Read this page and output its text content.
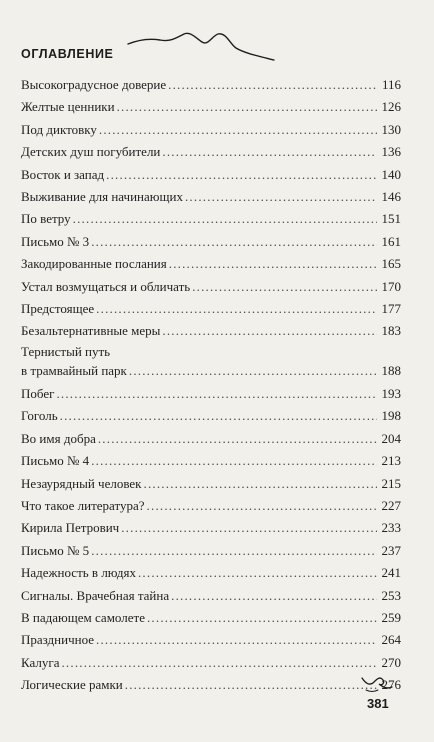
ОГЛАВЛЕНИЕ
Высокоградусное доверие .....	116
Желтые ценники .....	126
Под диктовку .....	130
Детских душ погубители .....	136
Восток и запад .....	140
Выживание для начинающих .....	146
По ветру .....	151
Письмо № 3 .....	161
Закодированные послания .....	165
Устал возмущаться и обличать .....	170
Предстоящее .....	177
Безальтернативные меры .....	183
Тернистый путь
в трамвайный парк .....	188
Побег .....	193
Гоголь .....	198
Во имя добра .....	204
Письмо № 4 .....	213
Незаурядный человек .....	215
Что такое литература? .....	227
Кирила Петрович .....	233
Письмо № 5 .....	237
Надежность в людях .....	241
Сигналы. Врачебная тайна .....	253
В падающем самолете .....	259
Праздничное .....	264
Калуга .....	270
Логические рамки .....	276
381
